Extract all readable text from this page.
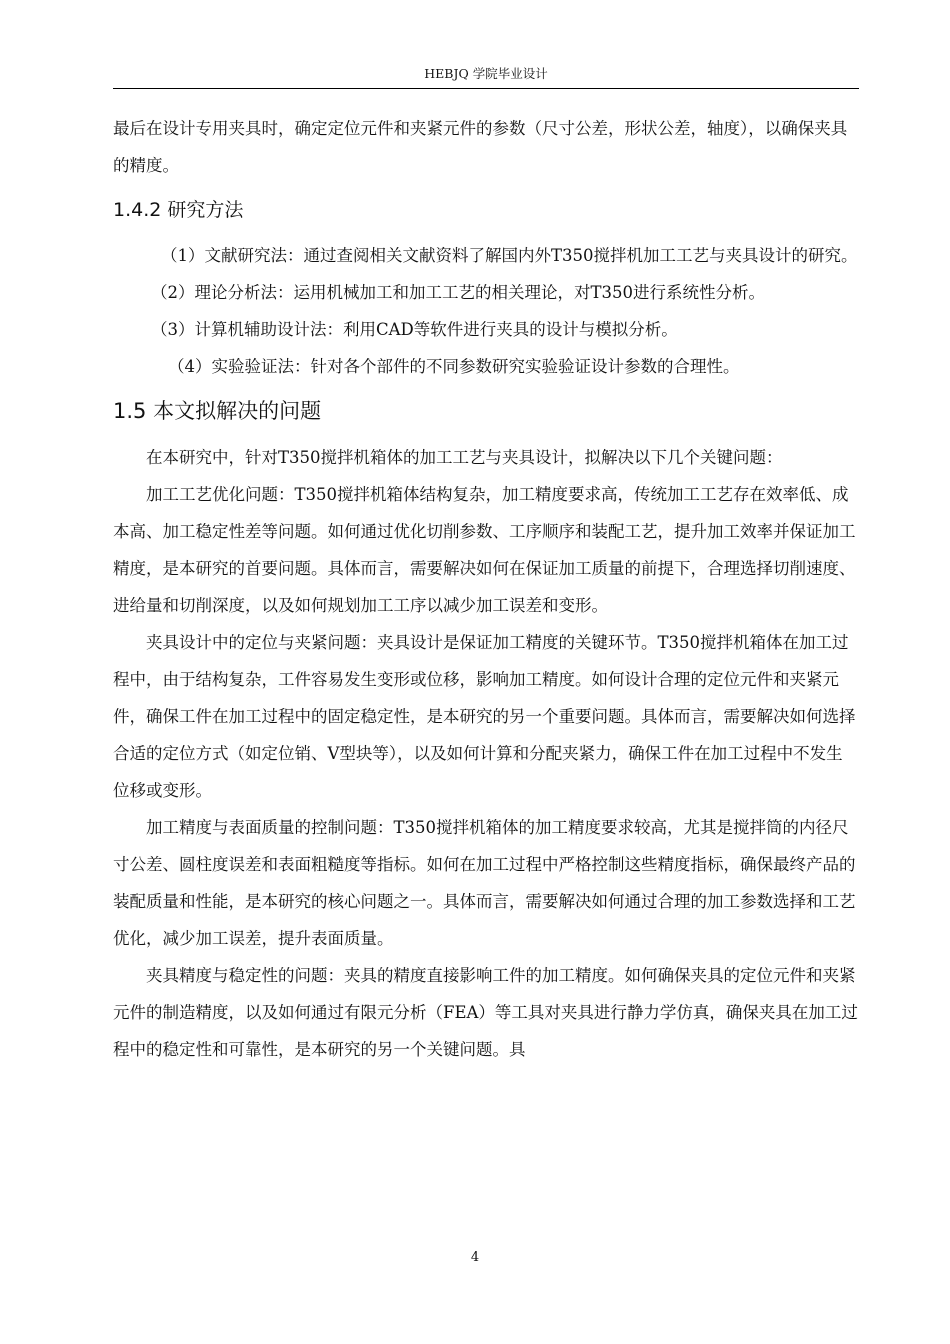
HEBJQ 学院毕业设计

最后在设计专用夹具时，确定定位元件和夹紧元件的参数（尺寸公差，形状公差，轴度），以确保夹具的精度。

1.4.2 研究方法

（1）文献研究法：通过查阅相关文献资料了解国内外T350搅拌机加工工艺与夹具设计的研究。

（2）理论分析法：运用机械加工和加工工艺的相关理论，对T350进行系统性分析。

（3）计算机辅助设计法：利用CAD等软件进行夹具的设计与模拟分析。

（4）实验验证法：针对各个部件的不同参数研究实验验证设计参数的合理性。

1.5 本文拟解决的问题

在本研究中，针对T350搅拌机箱体的加工工艺与夹具设计，拟解决以下几个关键问题：

加工工艺优化问题：T350搅拌机箱体结构复杂，加工精度要求高，传统加工工艺存在效率低、成本高、加工稳定性差等问题。如何通过优化切削参数、工序顺序和装配工艺，提升加工效率并保证加工精度，是本研究的首要问题。具体而言，需要解决如何在保证加工质量的前提下，合理选择切削速度、进给量和切削深度，以及如何规划加工工序以减少加工误差和变形。

夹具设计中的定位与夹紧问题：夹具设计是保证加工精度的关键环节。T350搅拌机箱体在加工过程中，由于结构复杂，工件容易发生变形或位移，影响加工精度。如何设计合理的定位元件和夹紧元件，确保工件在加工过程中的固定稳定性，是本研究的另一个重要问题。具体而言，需要解决如何选择合适的定位方式（如定位销、V型块等），以及如何计算和分配夹紧力，确保工件在加工过程中不发生位移或变形。

加工精度与表面质量的控制问题：T350搅拌机箱体的加工精度要求较高，尤其是搅拌筒的内径尺寸公差、圆柱度误差和表面粗糙度等指标。如何在加工过程中严格控制这些精度指标，确保最终产品的装配质量和性能，是本研究的核心问题之一。具体而言，需要解决如何通过合理的加工参数选择和工艺优化，减少加工误差，提升表面质量。

夹具精度与稳定性的问题：夹具的精度直接影响工件的加工精度。如何确保夹具的定位元件和夹紧元件的制造精度，以及如何通过有限元分析（FEA）等工具对夹具进行静力学仿真，确保夹具在加工过程中的稳定性和可靠性，是本研究的另一个关键问题。具

4
